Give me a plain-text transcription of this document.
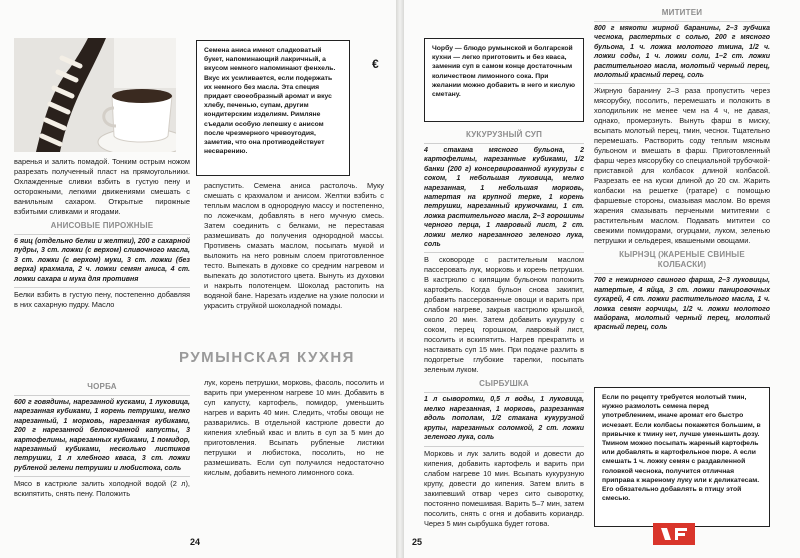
Семена аниса имеют сладковатый букет, напоминающий лакричный, а вкусом немного напоминают фенхель. Вкус их усиливается, если подержать их немного без масла. Эта специя придает своеобразный аромат и вкус хлебу, печенью, супам, другим кондитерским изделиям. Римляне съедали особую лепешку с анисом после чрезмерного чревоугодия, заметив, что она противодействует несварению.

варенья и залить помадой. Тонким острым ножом разрезать полученный пласт на прямоугольники. Охлажденные сливки взбить в густую пену и осторожными, легкими движениями смешать с ванильным сахаром. Открытые пирожные взбитыми сливками и ягодами.

АНИСОВЫЕ ПИРОЖНЫЕ

6 яиц (отдельно белки и желтки), 200 г сахарной пудры, 3 ст. ложки (с верхом) сливочного масла, 3 ст. ложки (с верхом) муки, 3 ст. ложки (без верха) крахмала, 2 ч. ложки семян аниса, 4 ст. ложки сахара и мука для противня

Белки взбить в густую пену, постепенно добавляя в них сахарную пудру. Масло

распустить. Семена аниса растолочь. Муку смешать с крахмалом и анисом. Желтки взбить с теплым маслом в однородную массу и постепенно, по ложечкам, добавлять в него мучную смесь. Затем соединить с белками, не переставая размешивать до получения однородной массы. Противень смазать маслом, посыпать мукой и выложить на него ровным слоем приготовленное тесто. Выпекать в духовке со средним нагревом и выпекать до золотистого цвета. Вынуть из духовки и накрыть полотенцем. Шоколад растопить на водяной бане. Нарезать изделие на узкие полоски и украсить струйкой шоколадной помады.

РУМЫНСКАЯ КУХНЯ
ЧОРБА

600 г говядины, нарезанной кусками, 1 луковица, нарезанная кубиками, 1 корень петрушки, мелко нарезанный, 1 морковь, нарезанная кубиками, 200 г нарезанной белокочанной капусты, 3 картофелины, нарезанных кубиками, 1 помидор, нарезанный кубиками, несколько листиков петрушки, 1 л хлебного кваса, 3 ст. ложки рубленой зелени петрушки и любистока, соль

Мясо в кастрюле залить холодной водой (2 л), вскипятить, снять пену. Положить

лук, корень петрушки, морковь, фасоль, посолить и варить при умеренном нагреве 10 мин. Добавить в суп капусту, картофель, помидор, уменьшить нагрев и варить 40 мин. Следить, чтобы овощи не разварились. В отдельной кастрюле довести до кипения хлебный квас и влить в суп за 5 мин до приготовления. Всыпать рубленые листики петрушки и любистока, посолить, но не размешивать. Если суп получился недостаточно кислым, добавить немного лимонного сока.

24
Чорбу — блюдо румынской и болгарской кухни — легко приготовить и без кваса, заменив суп в самом конце достаточным количеством лимонного сока. При желании можно добавить в него и кислую сметану.
КУКУРУЗНЫЙ СУП

4 стакана мясного бульона, 2 картофелины, нарезанные кубиками, 1/2 банки (200 г) консервированной кукурузы с соком, 1 небольшая луковица, мелко нарезанная, 1 небольшая морковь, натертая на крупной терке, 1 корень петрушки, нарезанный кружочками, 1 ст. ложка растительного масла, 2–3 горошины черного перца, 1 лавровый лист, 2 ст. ложки мелко нарезанного зеленого лука, соль

В сковороде с растительным маслом пассеровать лук, морковь и корень петрушки. В кастрюлю с кипящим бульоном положить картофель. Когда бульон снова закипит, добавить пассерованные овощи и варить при слабом нагреве, закрыв кастрюлю крышкой, около 20 мин. Затем добавить кукурузу с соком, перец горошком, лавровый лист, посолить и вскипятить. Нагрев прекратить и настаивать суп 15 мин. При подаче разлить в подогретые глубокие тарелки, посыпать зеленым луком.

СЫРБУШКА

1 л сыворотки, 0,5 л воды, 1 луковица, мелко нарезанная, 1 морковь, разрезанная вдоль пополам, 1/2 стакана кукурузной крупы, нарезанных соломкой, 2 ст. ложки зеленого лука, соль

Морковь и лук залить водой и довести до кипения, добавить картофель и варить при слабом нагреве 10 мин. Всыпать кукурузную крупу, довести до кипения. Затем влить в закипевший отвар через сито сыворотку, постоянно помешивая. Варить 5–7 мин, затем посолить, снять с огня и добавить кориандр. Через 5 мин сырбушка будет готова.

МИТИТЕИ

800 г мякоти жирной баранины, 2–3 зубчика чеснока, растертых с солью, 200 г мясного бульона, 1 ч. ложка молотого тмина, 1/2 ч. ложки соды, 1 ч. ложки соли, 1–2 ст. ложки растительного масла, молотый черный перец, молотый красный перец, соль

Жирную баранину 2–3 раза пропустить через мясорубку, посолить, перемешать и положить в холодильник не менее чем на 4 ч, не давая, однако, промерзнуть. Вынуть фарш в миску, всыпать молотый перец, тмин, чеснок. Тщательно перемешать. Растворить соду теплым мясным бульоном и вмешать в фарш. Приготовленный фарш через мясорубку со специальной трубочкой-приставкой для колбасок длиной колбасой. Разрезать ее на куски длиной до 20 см. Жарить колбаски на решетке (гратаре) с помощью фаршевые стороны, смазывая маслом. Во время жарения смазывать перчеными мититеями с растительным маслом. Подавать мититеи со свежими помидорами, огурцами, луком, зеленью петрушки и сельдерея, квашеными овощами.

КЫРНЭЦ (ЖАРЕНЫЕ СВИНЫЕ КОЛБАСКИ)

700 г нежирного свиного фарша, 2–3 луковицы, натертые, 4 яйца, 3 ст. ложки панировочных сухарей, 4 ст. ложки растительного масла, 1 ч. ложка семян горчицы, 1/2 ч. ложки молотого майорана, молотый черный перец, молотый красный перец, соль

Если по рецепту требуется молотый тмин, нужно размолоть семена перед употреблением, иначе аромат его быстро исчезает. Если колбасы покажется большим, в привычке к тмину нет, лучше уменьшить дозу. Тмином можно посыпать жареный картофель или добавлять в картофельное пюре. А если смешать 1 ч. ложку семян с раздавленной головкой чеснока, получится отличная приправа к жареному луку или к деликатесам. Его обязательно добавлять в птицу этой смесью.
25
€
